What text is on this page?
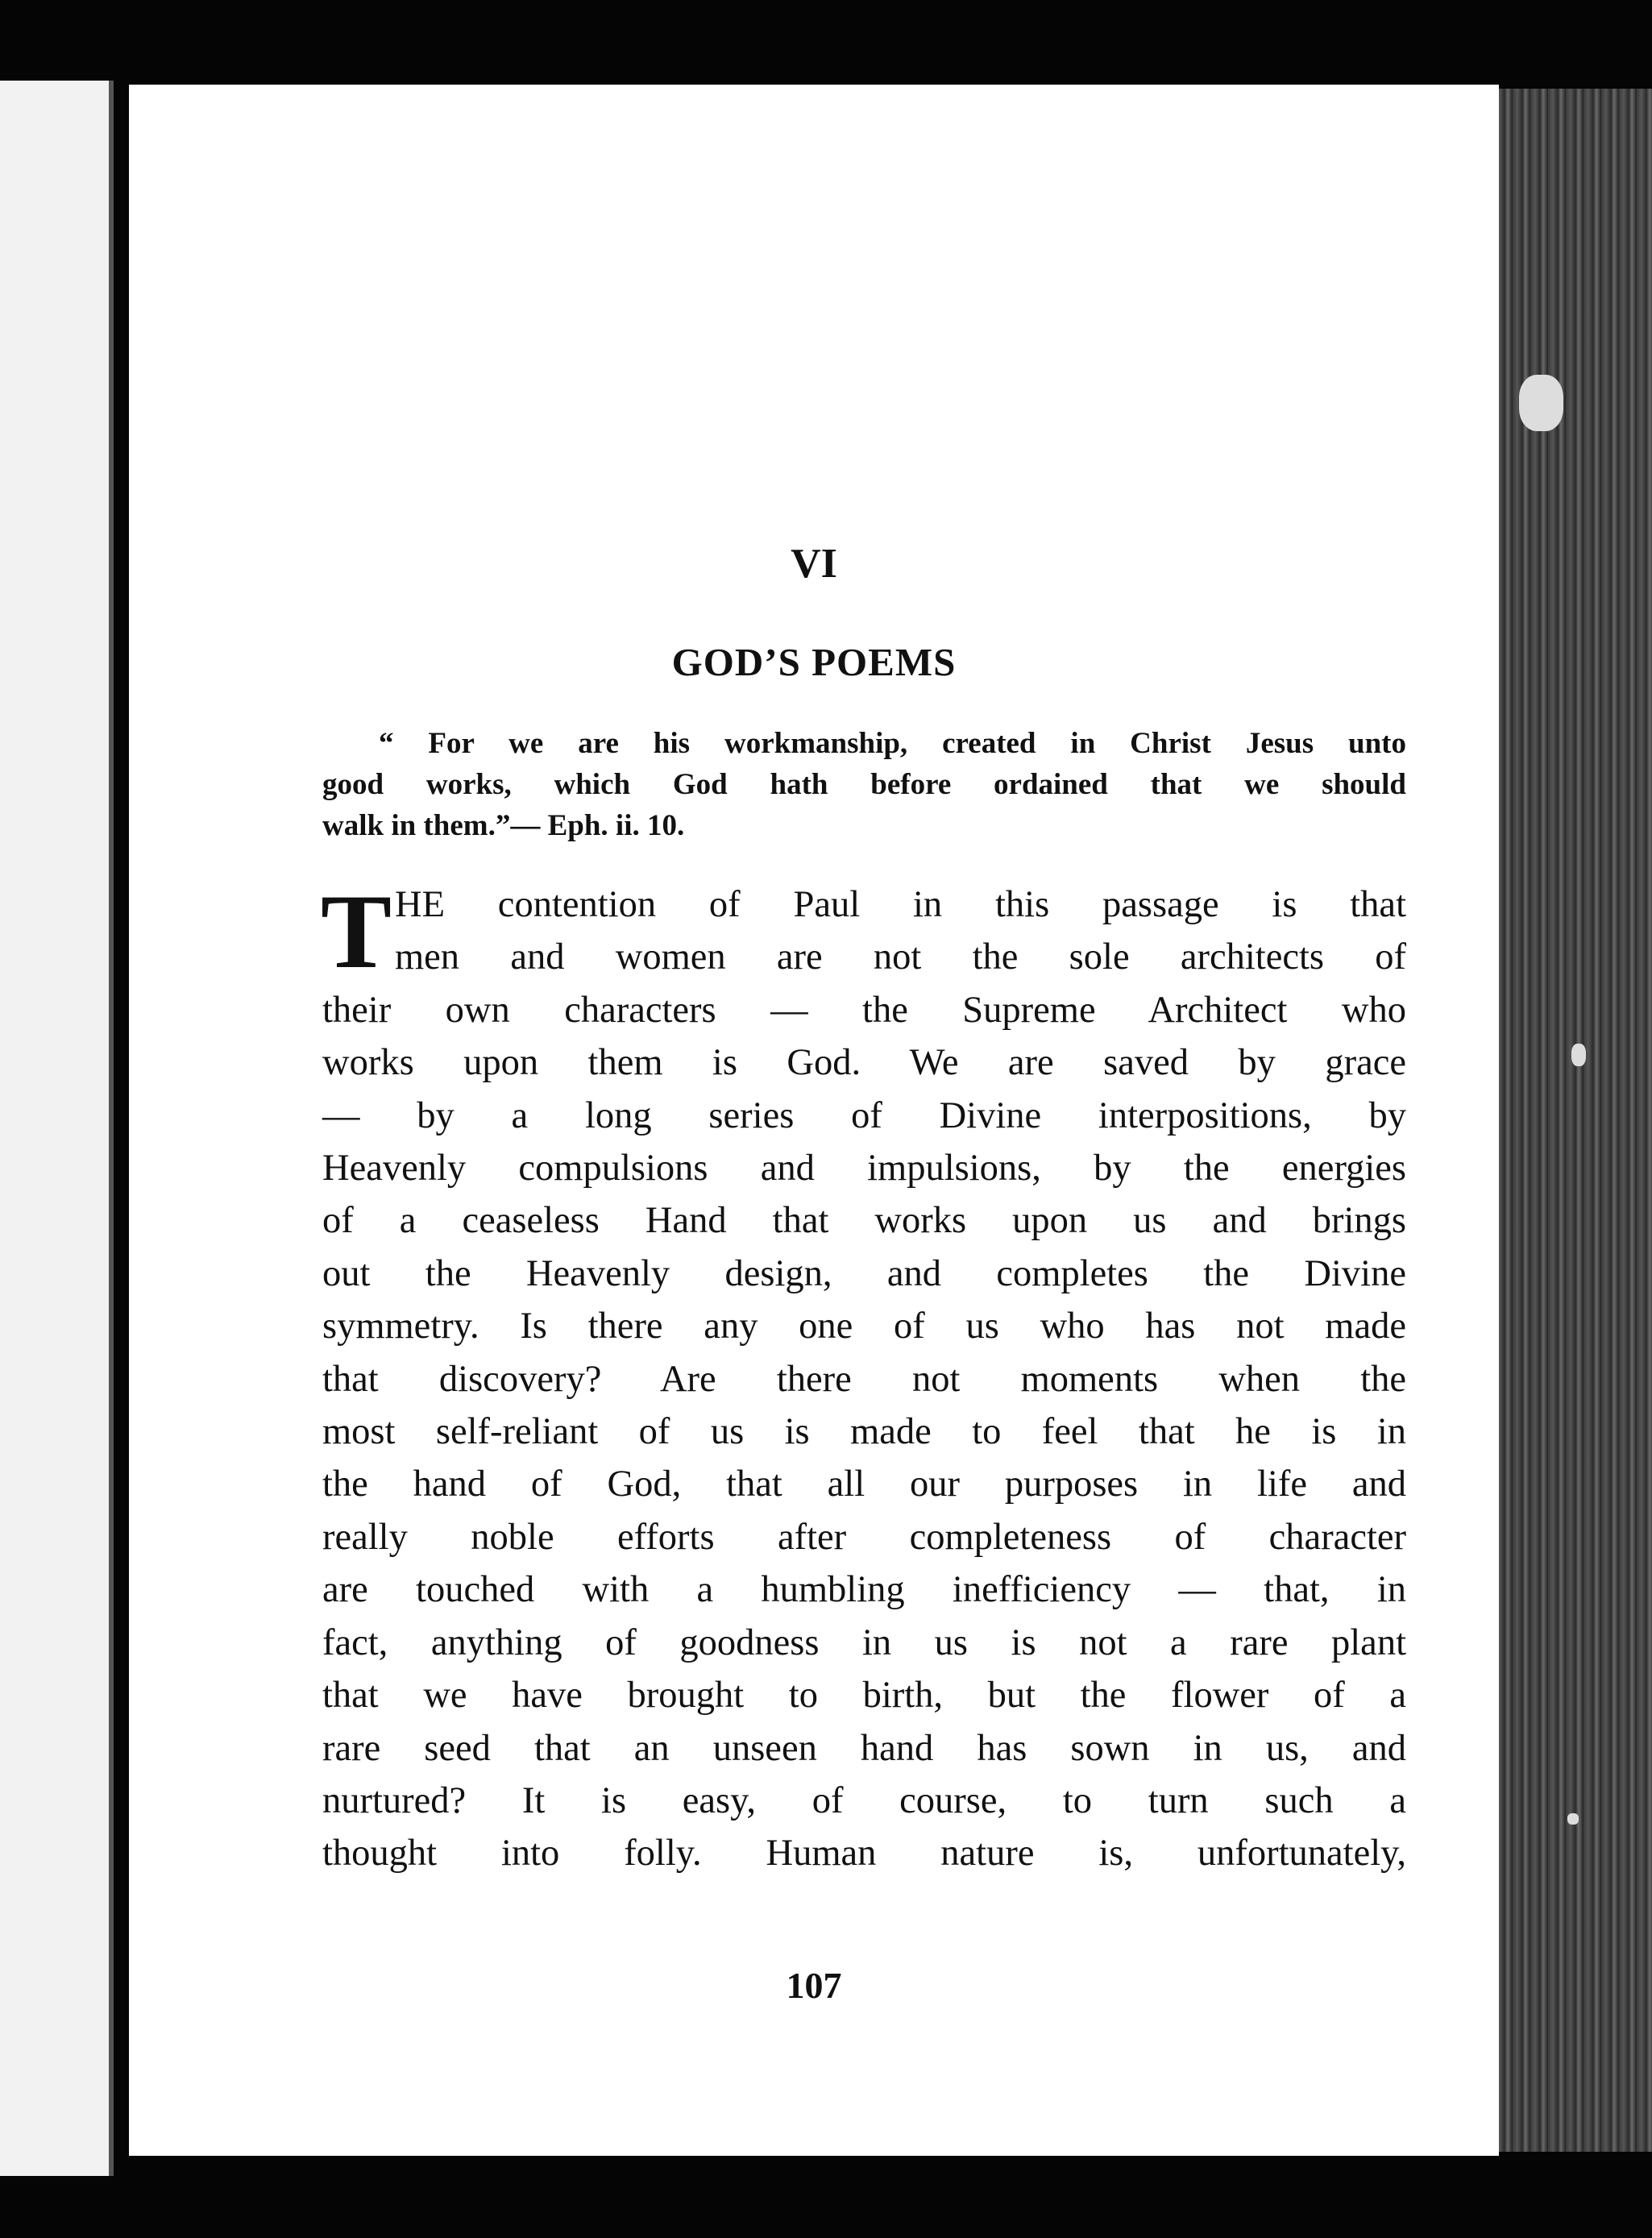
VI
GOD’S POEMS
“ For we are his workmanship, created in Christ Jesus unto
good works, which God hath before ordained that we should
walk in them.”— Eph. ii. 10.
T HE contention of Paul in this passage is that
men and women are not the sole architects of
their own characters — the Supreme Architect who
works upon them is God. We are saved by grace
— by a long series of Divine interpositions, by
Heavenly compulsions and impulsions, by the energies
of a ceaseless Hand that works upon us and brings
out the Heavenly design, and completes the Divine
symmetry. Is there any one of us who has not made
that discovery? Are there not moments when the
most self-reliant of us is made to feel that he is in
the hand of God, that all our purposes in life and
really noble efforts after completeness of character
are touched with a humbling inefficiency — that, in
fact, anything of goodness in us is not a rare plant
that we have brought to birth, but the flower of a
rare seed that an unseen hand has sown in us, and
nurtured? It is easy, of course, to turn such a
thought into folly. Human nature is, unfortunately,
107
